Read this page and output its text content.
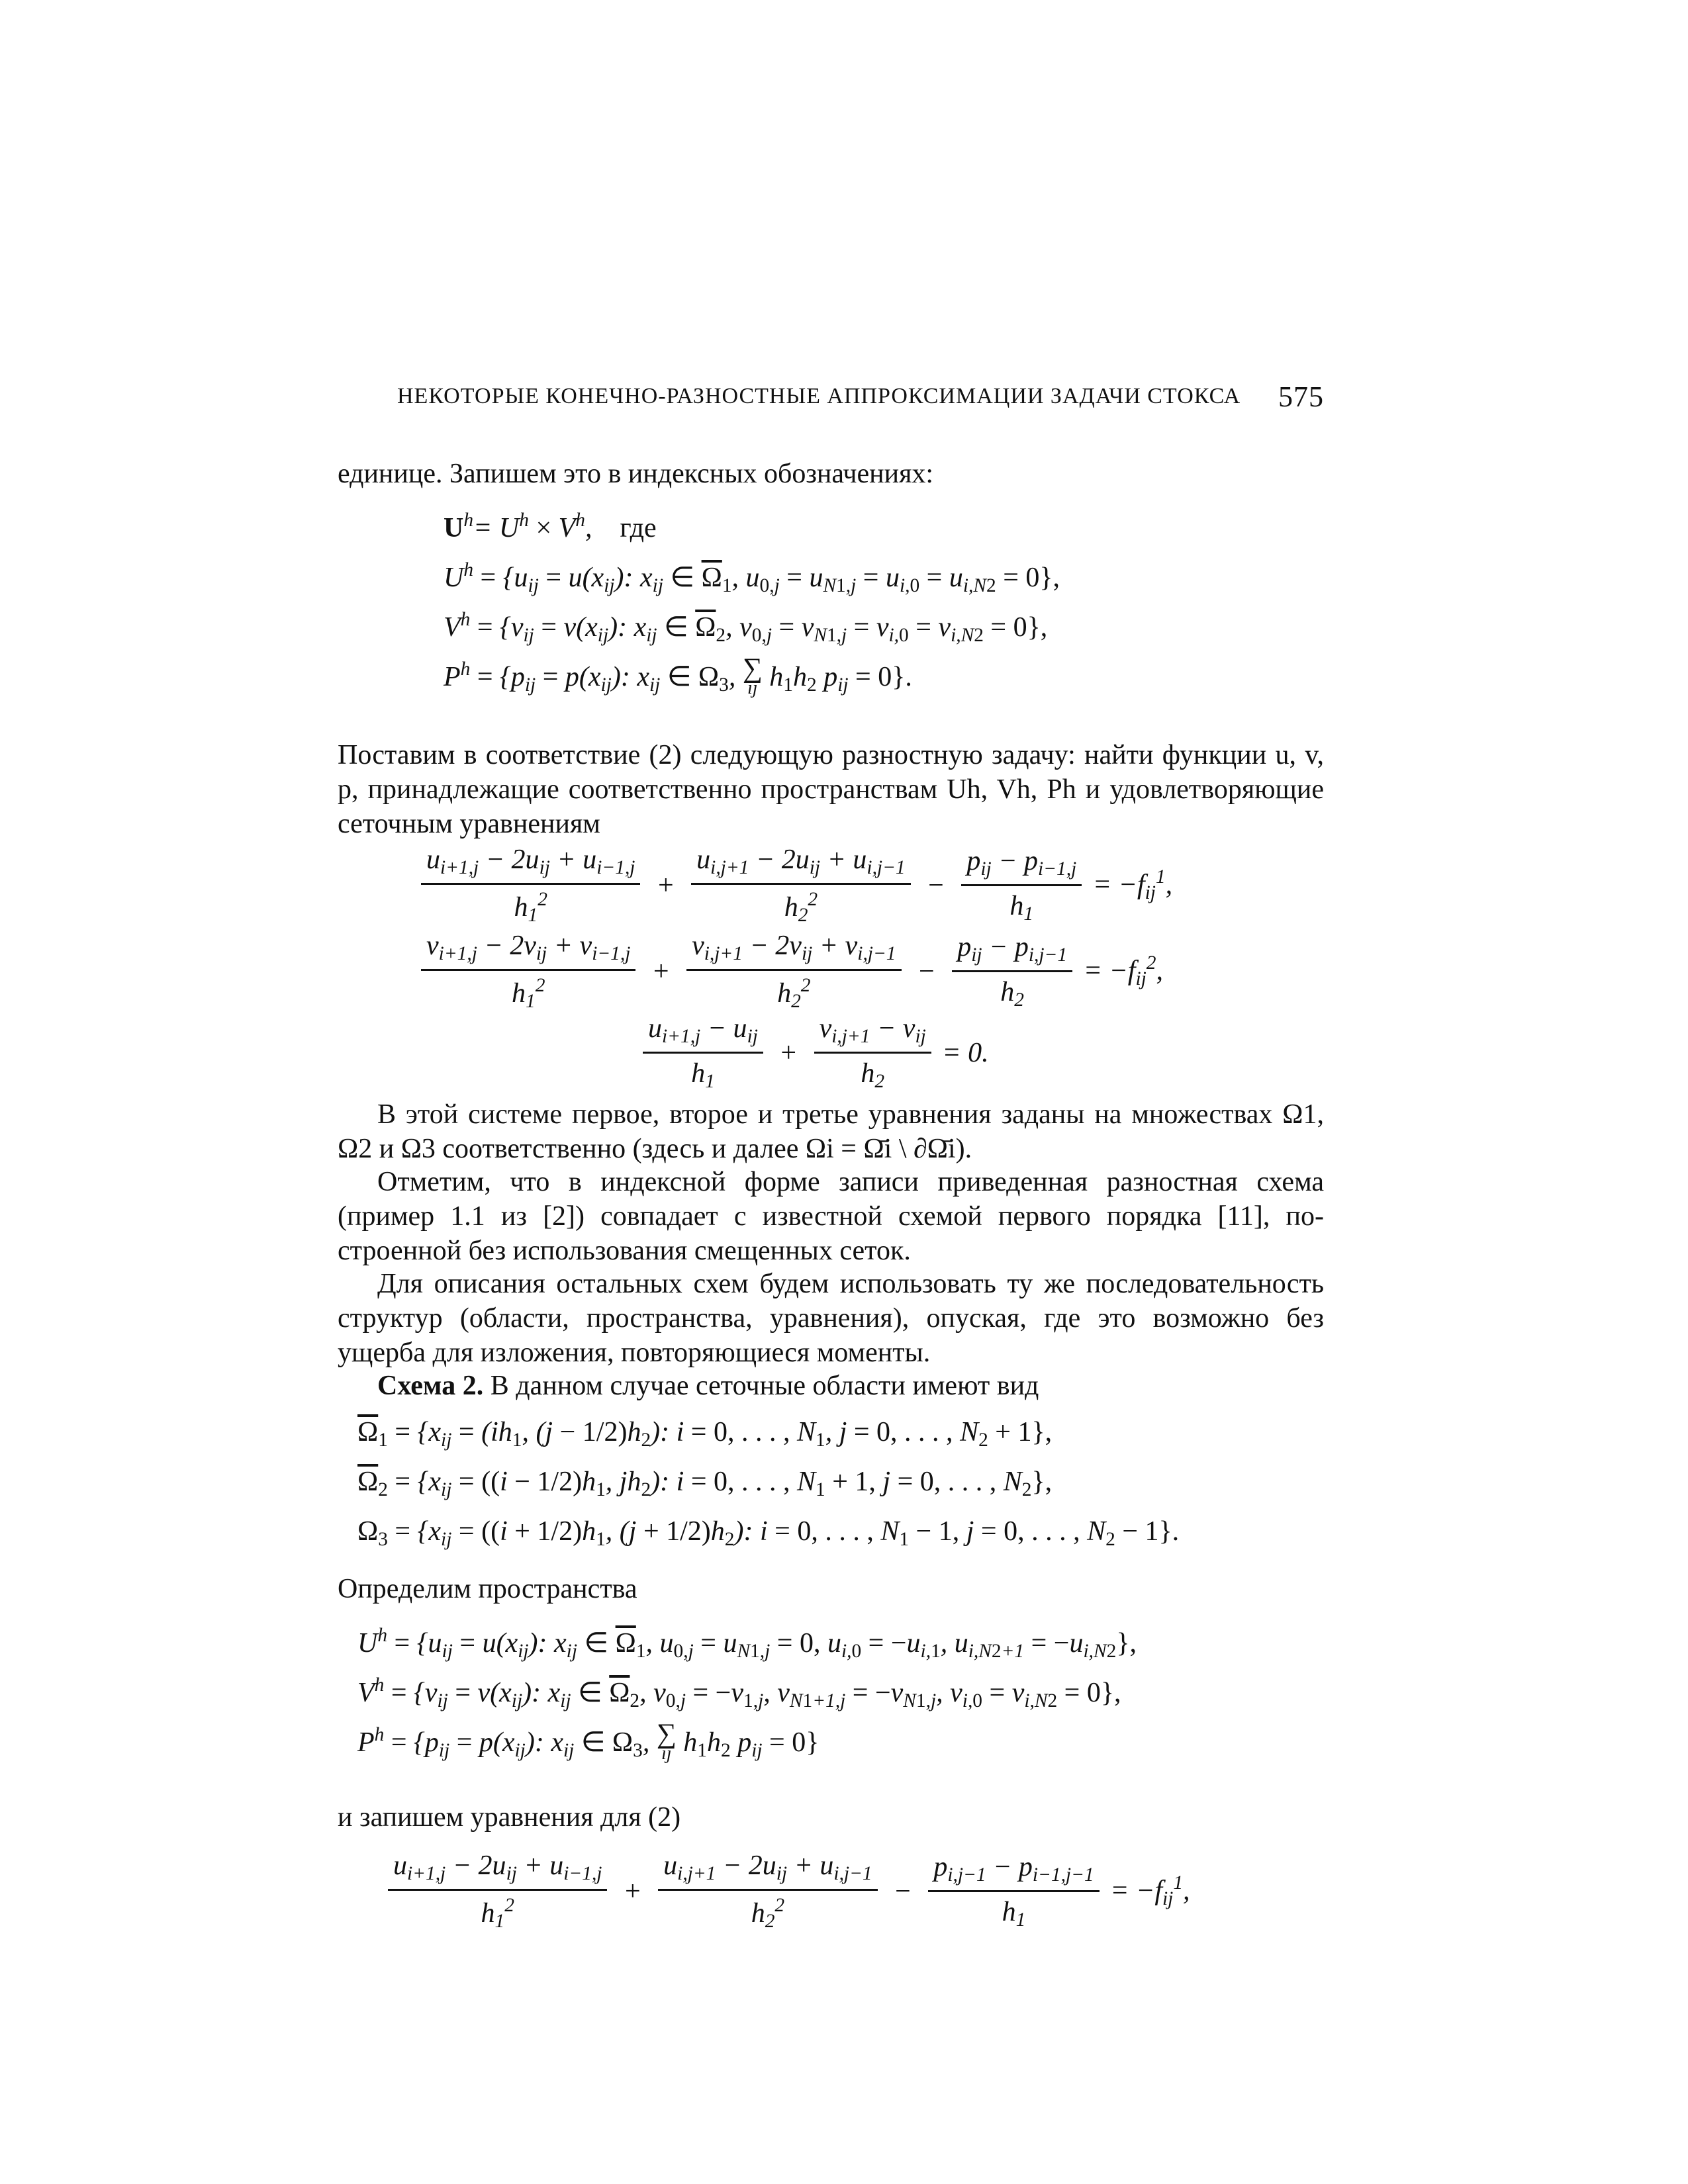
НЕКОТОРЫЕ КОНЕЧНО-РАЗНОСТНЫЕ АППРОКСИМАЦИИ ЗАДАЧИ СТОКСА 575
единице. Запишем это в индексных обозначениях:
$U^h= U^h \times V^h$,    где
$U^h = \{u_{ij} = u(x_{ij})$: $x_{ij}$ ∈ $\overline{\Omega}_1$, $u_{0,j} = u_{N1,j} = u_{i,0} = u_{i,N2} = 0$},
$V^h = \{v_{ij} = v(x_{ij})$: $x_{ij}$ ∈ $\overline{\Omega}_2$, $v_{0,j} = v_{N1,j} = v_{i,0} = v_{i,N2} = 0$},
$P^h = \{p_{ij} = p(x_{ij})$: $x_{ij}$ ∈ $\Omega_3$, ∑
ij $h_1h_2$ $p_{ij} = 0$}.
Поставим в соответствие (2) следующую разностную задачу: найти функции u, v, p, принадлежащие соответственно пространствам Uh, Vh, Ph и удовлетворяющие сеточным уравнениям
$\frac{u_{i+1,j} - 2u_{ij} + u_{i-1,j}}{h_1^2} + \frac{u_{i,j+1} - 2u_{ij} + u_{i,j-1}}{h_2^2} - \frac{p_{ij} - p_{i-1,j}}{h_1} = -f_{ij}^1$,
$\frac{v_{i+1,j} - 2v_{ij} + v_{i-1,j}}{h_1^2} + \frac{v_{i,j+1} - 2v_{ij} + v_{i,j-1}}{h_2^2} - \frac{p_{ij} - p_{i,j-1}}{h_2} = -f_{ij}^2$,
$\frac{u_{i+1,j} - u_{ij}}{h_1} + \frac{v_{i,j+1} - v_{ij}}{h_2} = 0$.
В этой системе первое, второе и третье уравнения заданы на множествах Ω1, Ω2 и Ω3 соответственно (здесь и далее Ωi = Ω̄i \ ∂Ω̄i).
Отметим, что в индексной форме записи приведенная разностная схема (пример 1.1 из [2]) совпадает с известной схемой первого порядка [11], построенной без использования смещенных сеток.
Для описания остальных схем будем использовать ту же последовательность структур (области, пространства, уравнения), опуская, где это возможно без ущерба для изложения, повторяющиеся моменты.
Схема 2. В данном случае сеточные области имеют вид
$\overline{\Omega}_1 = \{x_{ij} = (ih_1$, $(j - 1/2)h_2$): i = 0, . . . , $N_1$, j = 0, . . . , $N_2 + 1$},
$\overline{\Omega}_2 = \{x_{ij} = ((i - 1/2)h_1$, $jh_2$): i = 0, . . . , $N_1 + 1$, j = 0, . . . , $N_2$},
$\Omega_3 = \{x_{ij} = ((i + 1/2)h_1$, $(j + 1/2)h_2$): i = 0, . . . , $N_1 - 1$, j = 0, . . . , $N_2 - 1$}.
Определим пространства
$U^h = \{u_{ij} = u(x_{ij})$: $x_{ij}$ ∈ $\overline{\Omega}_1$, $u_{0,j} = u_{N1,j} = 0$, $u_{i,0} = -u_{i,1}$, $u_{i,N2+1} = -u_{i,N2}$},
$V^h = \{v_{ij} = v(x_{ij})$: $x_{ij}$ ∈ $\overline{\Omega}_2$, $v_{0,j} = -v_{1,j}$, $v_{N1+1,j} = -v_{N1,j}$, $v_{i,0} = v_{i,N2} = 0$},
$P^h = \{p_{ij} = p(x_{ij})$: $x_{ij}$ ∈ $\Omega_3$, ∑
ij $h_1h_2$ $p_{ij} = 0$}
и запишем уравнения для (2)
$\frac{u_{i+1,j} - 2u_{ij} + u_{i-1,j}}{h_1^2} + \frac{u_{i,j+1} - 2u_{ij} + u_{i,j-1}}{h_2^2} - \frac{p_{i,j-1} - p_{i-1,j-1}}{h_1} = -f_{ij}^1$,
